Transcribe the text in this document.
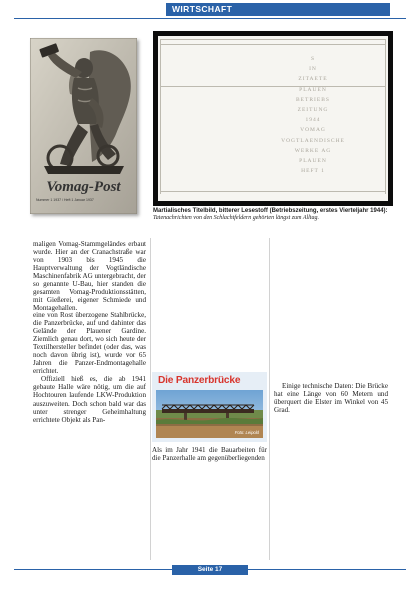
WIRTSCHAFT
Vomag-Post
Nummer 1 1937 / Heft 1 Januar 1937
S
IN
ZITAETE
PLAUEN
BETRIEBS
ZEITUNG
1944
VOMAG
VOGTLAENDISCHE
WERKE AG
PLAUEN
HEFT 1
Martialisches Titelbild, bitterer Lesestoff (Betriebszeitung, erstes Vierteljahr 1944): Tatenachrichten von den Schlachtfeldern gehörten längst zum Alltag.

maligen Vomag-Stammgeländes erbaut wurde. Hier an der Cranachstraße war von 1903 bis 1945 die Hauptverwaltung der Vogtländische Maschinenfabrik AG untergebracht, der so genannte U-Bau, hier standen die gesamten Vomag-Produktionsstätten, mit Gießerei, eigener Schmiede und Montagehallen.

eine von Rost überzogene Stahlbrücke, die Panzerbrücke, auf und dahinter das Gelände der Plauener Gardine. Ziemlich genau dort, wo sich heute der Textilhersteller befindet (oder das, was noch davon übrig ist), wurde vor 65 Jahren die Panzer-Endmontagehalle errichtet.

Offiziell hieß es, die ab 1941 gebaute Halle wäre nötig, um die auf Hochtouren laufende LKW-Produktion auszuweiten. Doch schon bald war das unter strenger Geheimhaltung errichtete Objekt als Pan-

Die Panzerbrücke
Foto: Leipold

Als im Jahr 1941 die Bauarbeiten für die Panzerhalle am gegenüberliegenden

Einige technische Daten: Die Brücke hat eine Länge von 60 Metern und überquert die Elster im Winkel von 45 Grad.

Seite 17
